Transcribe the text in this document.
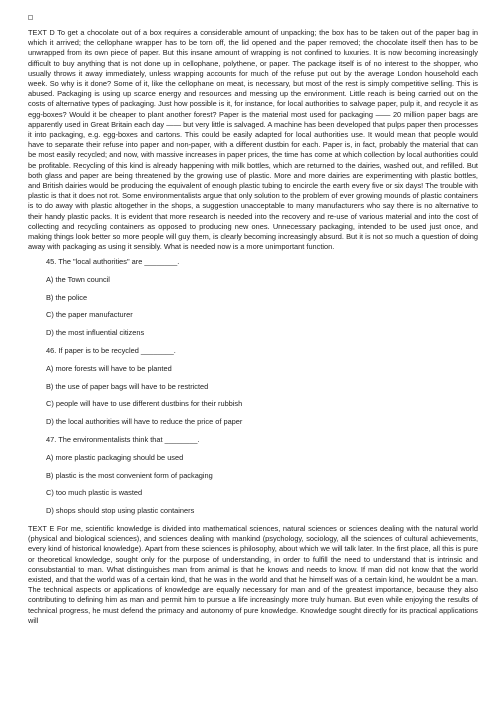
TEXT D To get a chocolate out of a box requires a considerable amount of unpacking; the box has to be taken out of the paper bag in which it arrived; the cellophane wrapper has to be torn off, the lid opened and the paper removed; the chocolate itself then has to be unwrapped from its own piece of paper. But this insane amount of wrapping is not confined to luxuries. It is now becoming increasingly difficult to buy anything that is not done up in cellophane, polythene, or paper. The package itself is of no interest to the shopper, who usually throws it away immediately, unless wrapping accounts for much of the refuse put out by the average London household each week. So why is it done? Some of it, like the cellophane on meat, is necessary, but most of the rest is simply competitive selling. This is abused. Packaging is using up scarce energy and resources and messing up the environment. Little reach is being carried out on the costs of alternative types of packaging. Just how possible is it, for instance, for local authorities to salvage paper, pulp it, and recycle it as egg-boxes? Would it be cheaper to plant another forest? Paper is the material most used for packaging —— 20 million paper bags are apparently used in Great Britain each day —— but very little is salvaged. A machine has been developed that pulps paper then processes it into packaging, e.g. egg-boxes and cartons. This could be easily adapted for local authorities use. It would mean that people would have to separate their refuse into paper and non-paper, with a different dustbin for each. Paper is, in fact, probably the material that can be most easily recycled; and now, with massive increases in paper prices, the time has come at which collection by local authorities could be profitable. Recycling of this kind is already happening with milk bottles, which are returned to the dairies, washed out, and refilled. But both glass and paper are being threatened by the growing use of plastic. More and more dairies are experimenting with plastic bottles, and British dairies would be producing the equivalent of enough plastic tubing to encircle the earth every five or six days! The trouble with plastic is that it does not rot. Some environmentalists argue that only solution to the problem of ever growing mounds of plastic containers is to do away with plastic altogether in the shops, a suggestion unacceptable to many manufacturers who say there is no alternative to their handy plastic packs. It is evident that more research is needed into the recovery and re-use of various material and into the cost of collecting and recycling containers as opposed to producing new ones. Unnecessary packaging, intended to be used just once, and making things look better so more people will guy them, is clearly becoming increasingly absurd. But it is not so much a question of doing away with packaging as using it sensibly. What is needed now is a more unimportant function.

45. The "local authorities" are ________.

A) the Town council

B) the police

C) the paper manufacturer

D) the most influential citizens

46. If paper is to be recycled ________.

A) more forests will have to be planted

B) the use of paper bags will have to be restricted

C) people will have to use different dustbins for their rubbish

D) the local authorities will have to reduce the price of paper

47. The environmentalists think that ________.

A) more plastic packaging should be used

B) plastic is the most convenient form of packaging

C) too much plastic is wasted

D) shops should stop using plastic containers

TEXT E For me, scientific knowledge is divided into mathematical sciences, natural sciences or sciences dealing with the natural world (physical and biological sciences), and sciences dealing with mankind (psychology, sociology, all the sciences of cultural achievements, every kind of historical knowledge). Apart from these sciences is philosophy, about which we will talk later. In the first place, all this is pure or theoretical knowledge, sought only for the purpose of understanding, in order to fulfill the need to understand that is intrinsic and consubstantial to man. What distinguishes man from animal is that he knows and needs to know. If man did not know that the world existed, and that the world was of a certain kind, that he was in the world and that he himself was of a certain kind, he wouldnt be a man. The technical aspects or applications of knowledge are equally necessary for man and of the greatest importance, because they also contributing to defining him as man and permit him to pursue a life increasingly more truly human. But even while enjoying the results of technical progress, he must defend the primacy and autonomy of pure knowledge. Knowledge sought directly for its practical applications will
